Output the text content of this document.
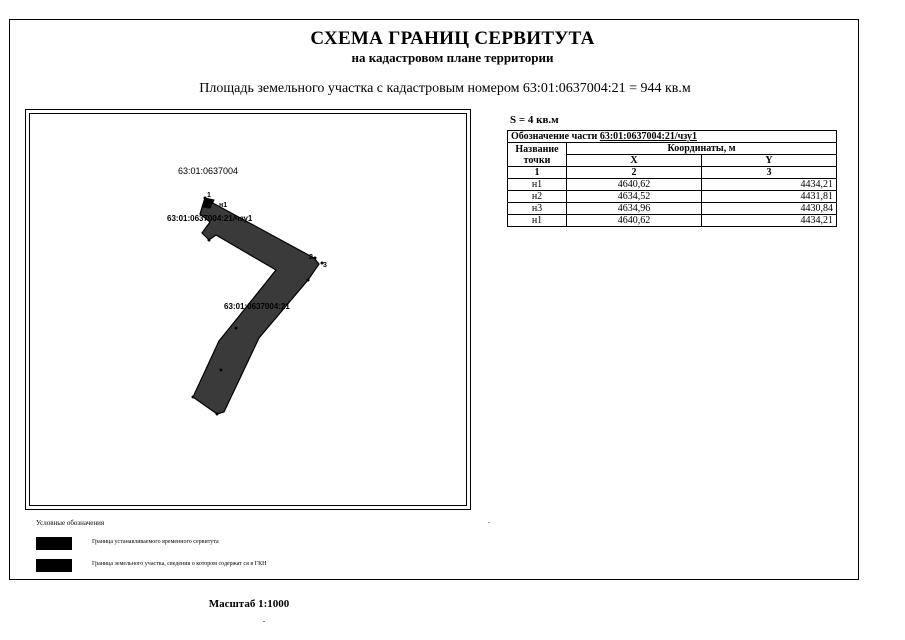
СХЕМА ГРАНИЦ СЕРВИТУТА
на кадастровом плане территории
Площадь земельного участка с кадастровым номером 63:01:0637004:21 = 944 кв.м
63:01:0637004
63:01:0637004:21/чзу1
63:01:0637004:21
1
н1
2
3
Масштаб 1:1000
S = 4 кв.м
Обозначение части 63:01:0637004:21/чзу1		
Название точки	Координаты, м	
	X	Y
1	2	3
н1	4640,62	4434,21
н2	4634,52	4431,81
н3	4634,96	4430,84
н1	4640,62	4434,21
Условные обозначения
Граница устанавливаемого временного сервитута
Граница земельного участка, сведения о котором содержат ся в ГКН
